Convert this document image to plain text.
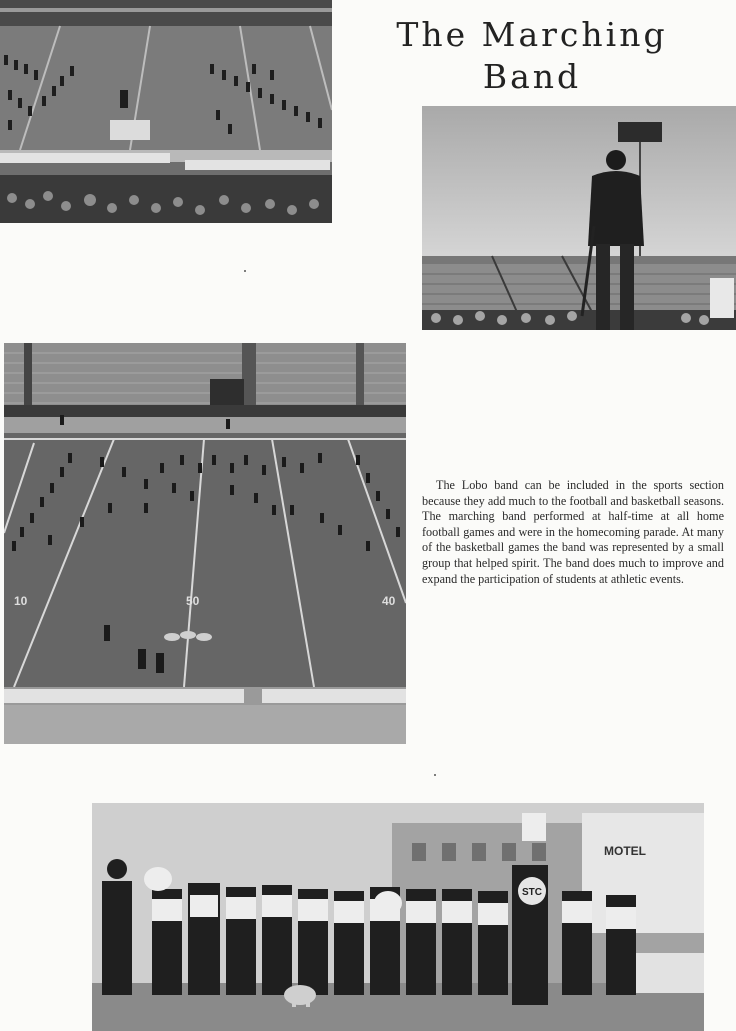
The Marching
Band
10	50	40

The Lobo band can be included in the sports section because they add much to the football and basketball seasons. The marching band performed at half-time at all home football games and were in the homecoming parade. At many of the basketball games the band was represented by a small group that helped spirit. The band does much to improve and expand the participation of students at athletic events.

MOTEL
STC
